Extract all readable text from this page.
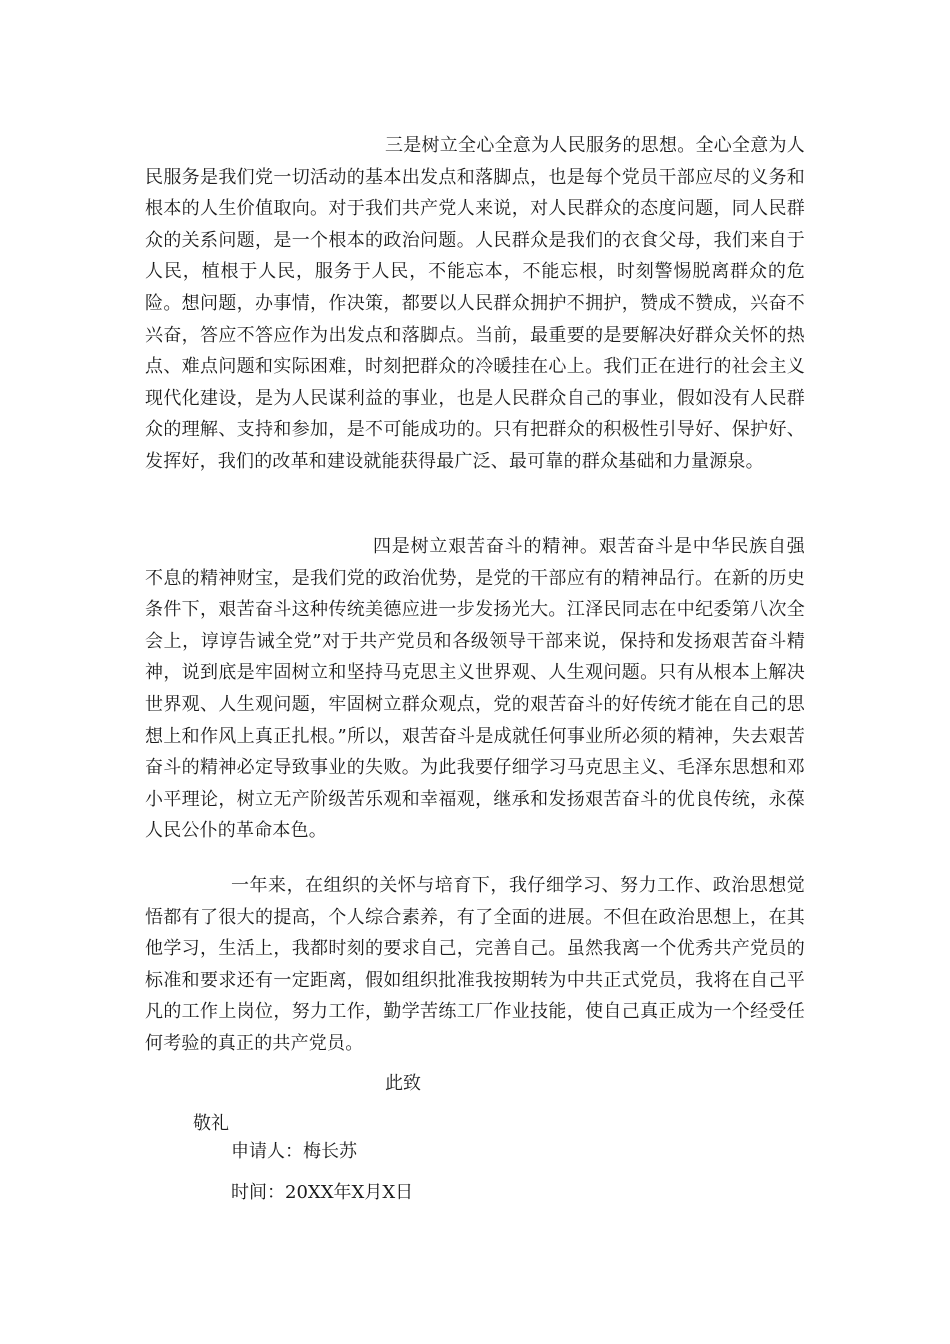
三是树立全心全意为人民服务的思想。全心全意为人民服务是我们党一切活动的基本出发点和落脚点，也是每个党员干部应尽的义务和根本的人生价值取向。对于我们共产党人来说，对人民群众的态度问题，同人民群众的关系问题，是一个根本的政治问题。人民群众是我们的衣食父母，我们来自于人民，植根于人民，服务于人民，不能忘本，不能忘根，时刻警惕脱离群众的危险。想问题，办事情，作决策，都要以人民群众拥护不拥护，赞成不赞成，兴奋不兴奋，答应不答应作为出发点和落脚点。当前，最重要的是要解决好群众关怀的热点、难点问题和实际困难，时刻把群众的冷暖挂在心上。我们正在进行的社会主义现代化建设，是为人民谋利益的事业，也是人民群众自己的事业，假如没有人民群众的理解、支持和参加，是不可能成功的。只有把群众的积极性引导好、保护好、发挥好，我们的改革和建设就能获得最广泛、最可靠的群众基础和力量源泉。

四是树立艰苦奋斗的精神。艰苦奋斗是中华民族自强不息的精神财宝，是我们党的政治优势，是党的干部应有的精神品行。在新的历史条件下，艰苦奋斗这种传统美德应进一步发扬光大。江泽民同志在中纪委第八次全会上，谆谆告诫全党”对于共产党员和各级领导干部来说，保持和发扬艰苦奋斗精神，说到底是牢固树立和坚持马克思主义世界观、人生观问题。只有从根本上解决世界观、人生观问题，牢固树立群众观点，党的艰苦奋斗的好传统才能在自己的思想上和作风上真正扎根。”所以，艰苦奋斗是成就任何事业所必须的精神，失去艰苦奋斗的精神必定导致事业的失败。为此我要仔细学习马克思主义、毛泽东思想和邓小平理论，树立无产阶级苦乐观和幸福观，继承和发扬艰苦奋斗的优良传统，永葆人民公仆的革命本色。

一年来，在组织的关怀与培育下，我仔细学习、努力工作、政治思想觉悟都有了很大的提高，个人综合素养，有了全面的进展。不但在政治思想上，在其他学习，生活上，我都时刻的要求自己，完善自己。虽然我离一个优秀共产党员的标准和要求还有一定距离，假如组织批准我按期转为中共正式党员，我将在自己平凡的工作上岗位，努力工作，勤学苦练工厂作业技能，使自己真正成为一个经受任何考验的真正的共产党员。

此致
敬礼
申请人：梅长苏
时间：20XX年X月X日
